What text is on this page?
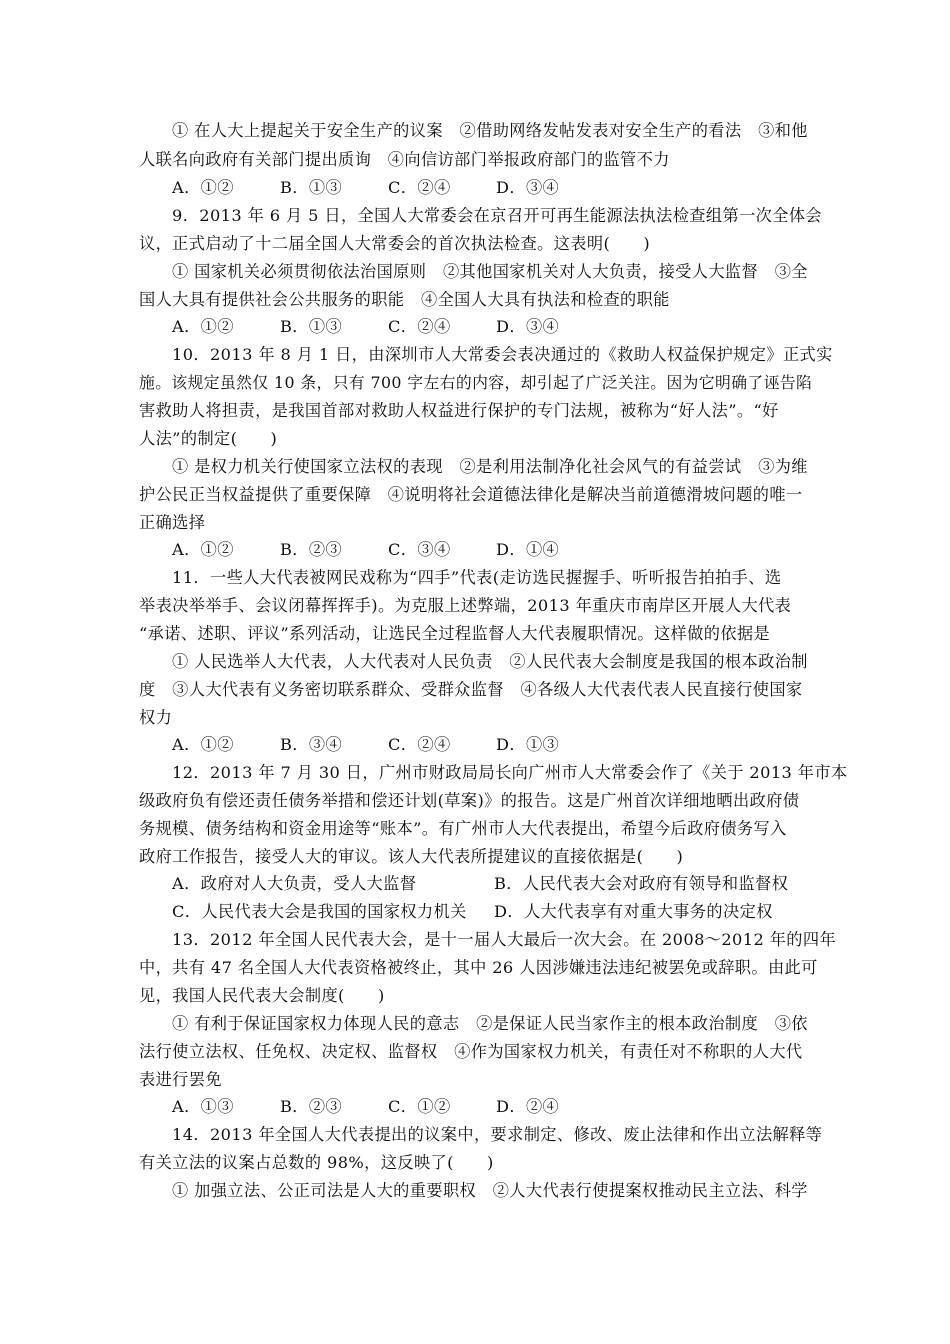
① 在人大上提起关于安全生产的议案　②借助网络发帖发表对安全生产的看法　③和他
人联名向政府有关部门提出质询　④向信访部门举报政府部门的监管不力
A．①②	B．①③	C．②④	D．③④
9．2013 年 6 月 5 日，全国人大常委会在京召开可再生能源法执法检查组第一次全体会
议，正式启动了十二届全国人大常委会的首次执法检查。这表明(　　)
① 国家机关必须贯彻依法治国原则　②其他国家机关对人大负责，接受人大监督　③全
国人大具有提供社会公共服务的职能　④全国人大具有执法和检查的职能
A．①②	B．①③	C．②④	D．③④
10．2013 年 8 月 1 日，由深圳市人大常委会表决通过的《救助人权益保护规定》正式实
施。该规定虽然仅 10 条，只有 700 字左右的内容，却引起了广泛关注。因为它明确了诬告陷
害救助人将担责，是我国首部对救助人权益进行保护的专门法规，被称为“好人法”。“好
人法”的制定(　　)
① 是权力机关行使国家立法权的表现　②是利用法制净化社会风气的有益尝试　③为维
护公民正当权益提供了重要保障　④说明将社会道德法律化是解决当前道德滑坡问题的唯一
正确选择
A．①②	B．②③	C．③④	D．①④
11．一些人大代表被网民戏称为“四手”代表(走访选民握握手、听听报告拍拍手、选
举表决举举手、会议闭幕挥挥手)。为克服上述弊端，2013 年重庆市南岸区开展人大代表
“承诺、述职、评议”系列活动，让选民全过程监督人大代表履职情况。这样做的依据是
① 人民选举人大代表，人大代表对人民负责　②人民代表大会制度是我国的根本政治制
度　③人大代表有义务密切联系群众、受群众监督　④各级人大代表代表人民直接行使国家
权力
A．①②	B．③④	C．②④	D．①③
12．2013 年 7 月 30 日，广州市财政局局长向广州市人大常委会作了《关于 2013 年市本
级政府负有偿还责任债务举措和偿还计划(草案)》的报告。这是广州首次详细地晒出政府债
务规模、债务结构和资金用途等“账本”。有广州市人大代表提出，希望今后政府债务写入
政府工作报告，接受人大的审议。该人大代表所提建议的直接依据是(　　)
A．政府对人大负责，受人大监督	B．人民代表大会对政府有领导和监督权
C．人民代表大会是我国的国家权力机关 D．人大代表享有对重大事务的决定权
13．2012 年全国人民代表大会，是十一届人大最后一次大会。在 2008～2012 年的四年
中，共有 47 名全国人大代表资格被终止，其中 26 人因涉嫌违法违纪被罢免或辞职。由此可
见，我国人民代表大会制度(　　)
① 有利于保证国家权力体现人民的意志　②是保证人民当家作主的根本政治制度　③依
法行使立法权、任免权、决定权、监督权　④作为国家权力机关，有责任对不称职的人大代
表进行罢免
A．①③	B．②③	C．①②	D．②④
14．2013 年全国人大代表提出的议案中，要求制定、修改、废止法律和作出立法解释等
有关立法的议案占总数的 98%，这反映了(　　)
① 加强立法、公正司法是人大的重要职权　②人大代表行使提案权推动民主立法、科学
